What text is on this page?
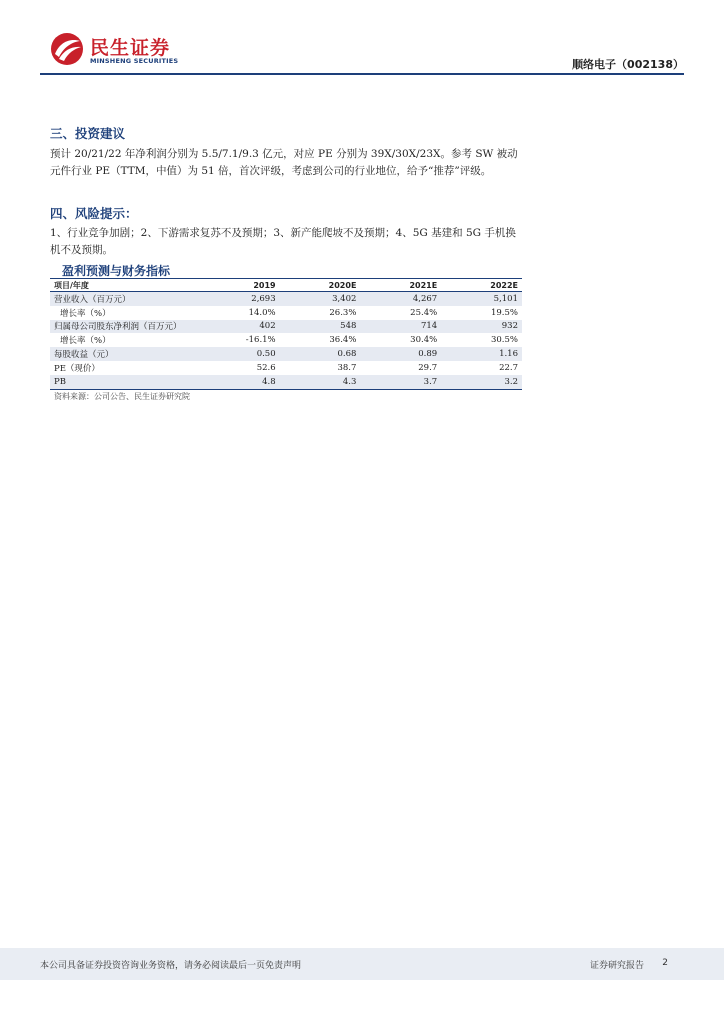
民生证券
MINSHENG SECURITIES	顺络电子（002138）
三、投资建议
预计 20/21/22 年净利润分别为 5.5/7.1/9.3 亿元，对应 PE 分别为 39X/30X/23X。参考 SW 被动元件行业 PE（TTM，中值）为 51 倍，首次评级，考虑到公司的行业地位，给予“推荐”评级。
四、风险提示：
1、行业竞争加剧；2、下游需求复苏不及预期；3、新产能爬坡不及预期；4、5G 基建和 5G 手机换机不及预期。
盈利预测与财务指标
项目/年度	2019	2020E	2021E	2022E
营业收入（百万元）	2,693	3,402	4,267	5,101
增长率（%）	14.0%	26.3%	25.4%	19.5%
归属母公司股东净利润（百万元）	402	548	714	932
增长率（%）	-16.1%	36.4%	30.4%	30.5%
每股收益（元）	0.50	0.68	0.89	1.16
PE（现价）	52.6	38.7	29.7	22.7
PB	4.8	4.3	3.7	3.2
资料来源：公司公告、民生证券研究院
本公司具备证券投资咨询业务资格，请务必阅读最后一页免责声明	证券研究报告 2
